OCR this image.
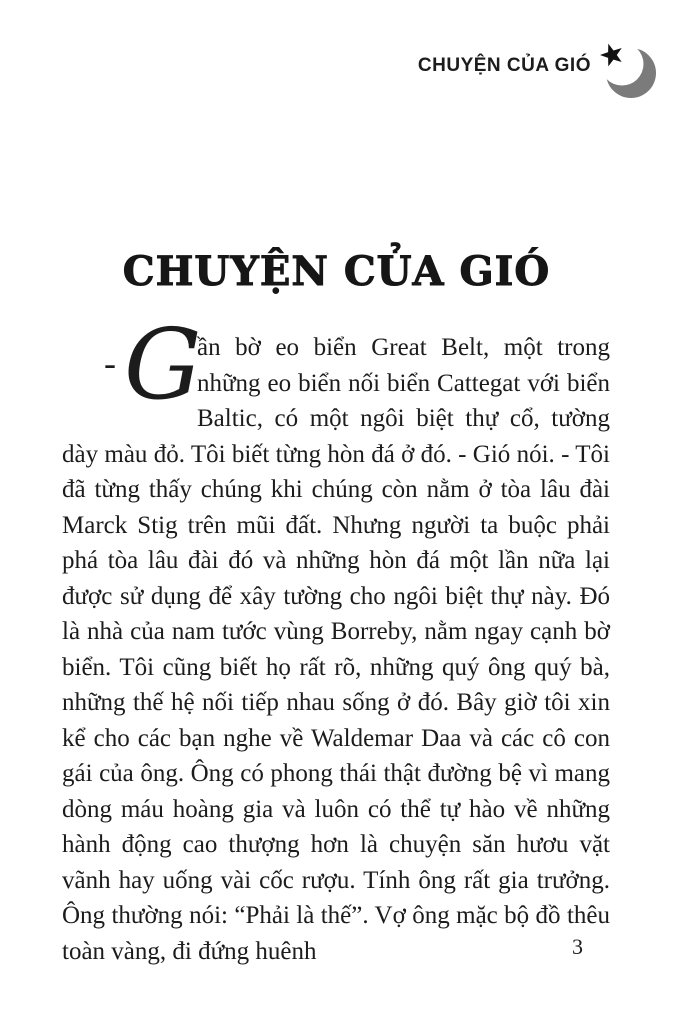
CHUYỆN CỦA GIÓ
CHUYỆN CỦA GIÓ
- G
ần bờ eo biển Great Belt, một trong những eo biển nối biển Cattegat với biển Baltic, có một ngôi biệt thự cổ, tường dày màu đỏ. Tôi biết từng hòn đá ở đó. - Gió nói. - Tôi đã từng thấy chúng khi chúng còn nằm ở tòa lâu đài Marck Stig trên mũi đất. Nhưng người ta buộc phải phá tòa lâu đài đó và những hòn đá một lần nữa lại được sử dụng để xây tường cho ngôi biệt thự này. Đó là nhà của nam tước vùng Borreby, nằm ngay cạnh bờ biển. Tôi cũng biết họ rất rõ, những quý ông quý bà, những thế hệ nối tiếp nhau sống ở đó. Bây giờ tôi xin kể cho các bạn nghe về Waldemar Daa và các cô con gái của ông. Ông có phong thái thật đường bệ vì mang dòng máu hoàng gia và luôn có thể tự hào về những hành động cao thượng hơn là chuyện săn hươu vặt vãnh hay uống vài cốc rượu. Tính ông rất gia trưởng. Ông thường nói: “Phải là thế”. Vợ ông mặc bộ đồ thêu toàn vàng, đi đứng huênh	3
